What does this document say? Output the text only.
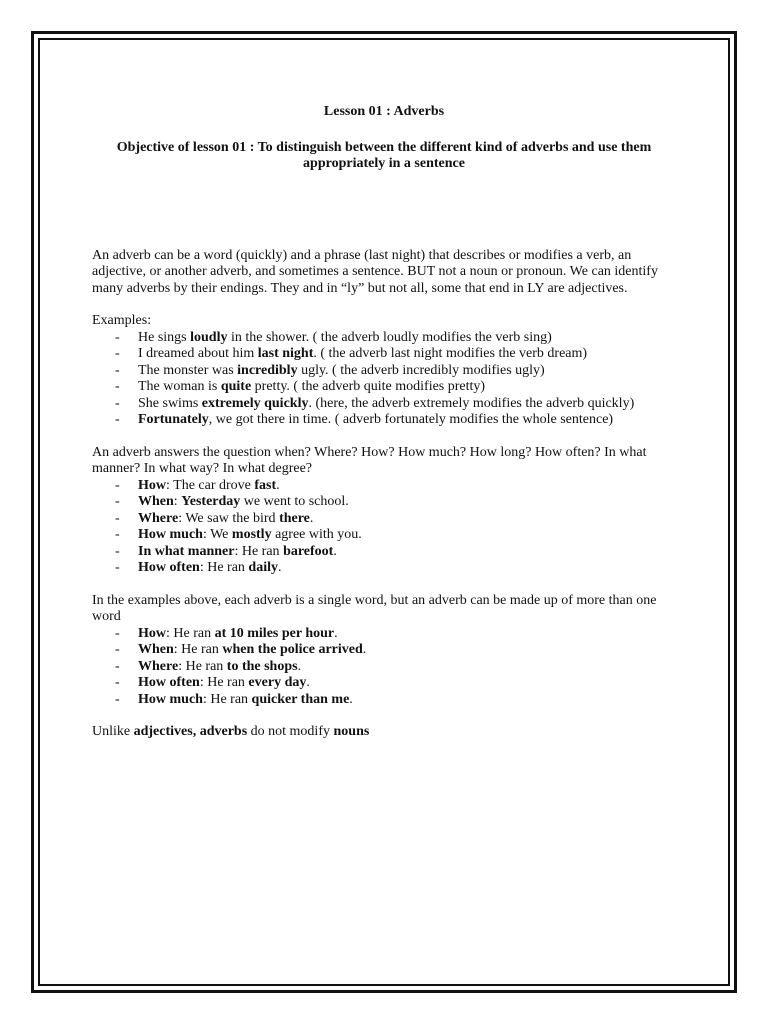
Lesson 01 : Adverbs
Objective of lesson 01 : To distinguish between the different kind of adverbs and use them appropriately in a sentence

An adverb can be a word (quickly) and a phrase (last night) that describes or modifies a verb, an adjective, or another adverb, and sometimes a sentence. BUT not a noun or pronoun. We can identify many adverbs by their endings. They and in “ly” but not all, some that end in LY are adjectives.

Examples:

- He sings loudly in the shower. ( the adverb loudly modifies the verb sing)
- I dreamed about him last night. ( the adverb last night modifies the verb dream)
- The monster was incredibly ugly. ( the adverb incredibly modifies ugly)
- The woman is quite pretty. ( the adverb quite modifies pretty)
- She swims extremely quickly. (here, the adverb extremely modifies the adverb quickly)
- Fortunately, we got there in time. ( adverb fortunately modifies the whole sentence)

An adverb answers the question when? Where? How? How much? How long? How often? In what manner? In what way? In what degree?

- How: The car drove fast.
- When: Yesterday we went to school.
- Where: We saw the bird there.
- How much: We mostly agree with you.
- In what manner: He ran barefoot.
- How often: He ran daily.

In the examples above, each adverb is a single word, but an adverb can be made up of more than one word

- How: He ran at 10 miles per hour.
- When: He ran when the police arrived.
- Where: He ran to the shops.
- How often: He ran every day.
- How much: He ran quicker than me.

Unlike adjectives, adverbs do not modify nouns
